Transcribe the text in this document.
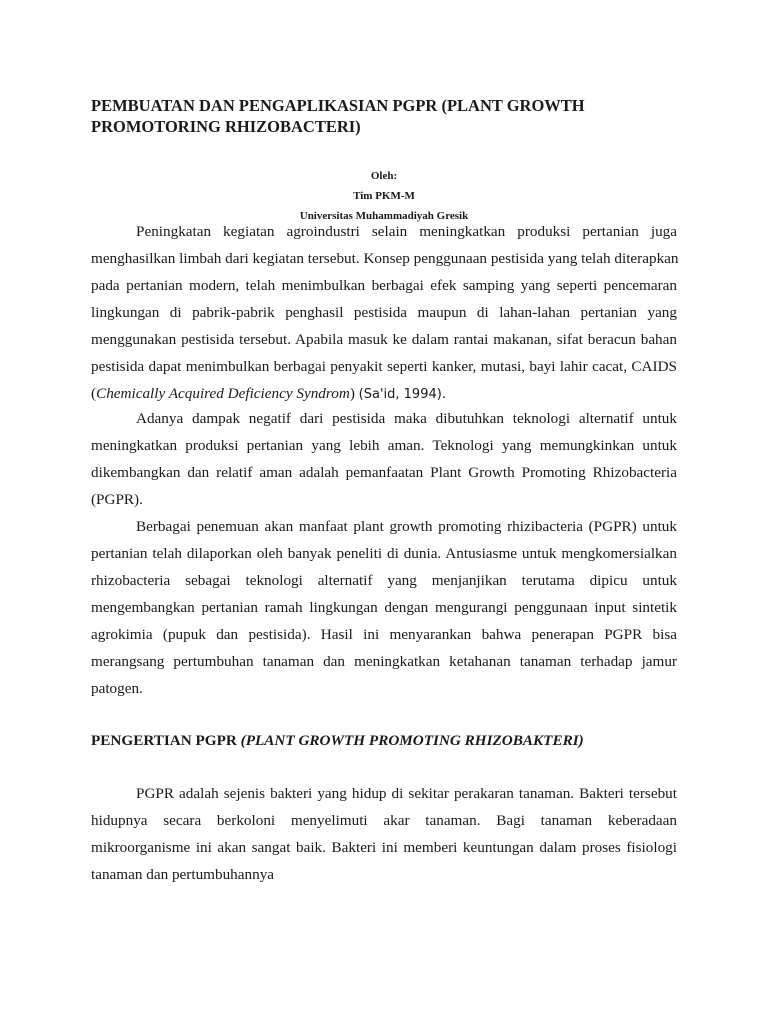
PEMBUATAN DAN PENGAPLIKASIAN PGPR (PLANT GROWTH
PROMOTORING RHIZOBACTERI)

Oleh:

Tim PKM-M

Universitas Muhammadiyah Gresik

Peningkatan kegiatan agroindustri selain meningkatkan produksi pertanian juga
menghasilkan limbah dari kegiatan tersebut. Konsep penggunaan pestisida yang telah diterapkan
pada pertanian modern, telah menimbulkan berbagai efek samping yang seperti pencemaran
lingkungan di pabrik-pabrik penghasil pestisida maupun di lahan-lahan pertanian yang
menggunakan pestisida tersebut. Apabila masuk ke dalam rantai makanan, sifat beracun bahan
pestisida dapat menimbulkan berbagai penyakit seperti kanker, mutasi, bayi lahir cacat, CAIDS
(Chemically Acquired Deficiency Syndrom) (Sa'id, 1994).
Adanya dampak negatif dari pestisida maka dibutuhkan teknologi alternatif untuk
meningkatkan produksi pertanian yang lebih aman. Teknologi yang memungkinkan untuk
dikembangkan dan relatif aman adalah pemanfaatan Plant Growth Promoting Rhizobacteria
(PGPR).
Berbagai penemuan akan manfaat plant growth promoting rhizibacteria (PGPR) untuk
pertanian telah dilaporkan oleh banyak peneliti di dunia. Antusiasme untuk mengkomersialkan
rhizobacteria sebagai teknologi alternatif yang menjanjikan terutama dipicu untuk
mengembangkan pertanian ramah lingkungan dengan mengurangi penggunaan input sintetik
agrokimia (pupuk dan pestisida). Hasil ini menyarankan bahwa penerapan PGPR bisa
merangsang pertumbuhan tanaman dan meningkatkan ketahanan tanaman terhadap jamur
patogen.
PENGERTIAN PGPR (PLANT GROWTH PROMOTING RHIZOBAKTERI)
PGPR adalah sejenis bakteri yang hidup di sekitar perakaran tanaman. Bakteri tersebut
hidupnya secara berkoloni menyelimuti akar tanaman. Bagi tanaman keberadaan
mikroorganisme ini akan sangat baik. Bakteri ini memberi keuntungan dalam proses fisiologi
tanaman dan pertumbuhannya
